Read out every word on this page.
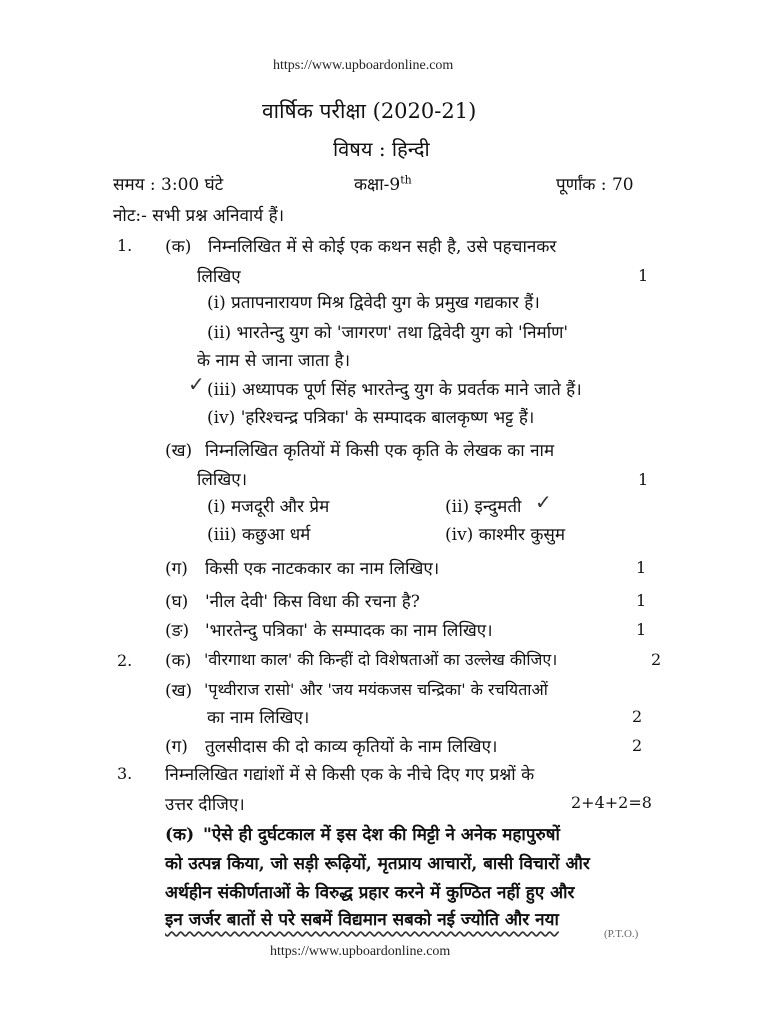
https://www.upboardonline.com
वार्षिक परीक्षा (2020-21)
विषय : हिन्दी
समय : 3:00 घंटे	कक्षा-9th	पूर्णांक : 70
नोट:- सभी प्रश्न अनिवार्य हैं।
1. (क) निम्नलिखित में से कोई एक कथन सही है, उसे पहचानकर
लिखिए	1
(i) प्रतापनारायण मिश्र द्विवेदी युग के प्रमुख गद्यकार हैं।
(ii) भारतेन्दु युग को 'जागरण' तथा द्विवेदी युग को 'निर्माण'
के नाम से जाना जाता है।
✓ (iii) अध्यापक पूर्ण सिंह भारतेन्दु युग के प्रवर्तक माने जाते हैं।
(iv) 'हरिश्चन्द्र पत्रिका' के सम्पादक बालकृष्ण भट्ट हैं।
(ख) निम्नलिखित कृतियों में किसी एक कृति के लेखक का नाम
लिखिए।	1
(i) मजदूरी और प्रेम	(ii) इन्दुमती ✓
(iii) कछुआ धर्म	(iv) काश्मीर कुसुम
(ग) किसी एक नाटककार का नाम लिखिए।	1
(घ) 'नील देवी' किस विधा की रचना है?	1
(ङ) 'भारतेन्दु पत्रिका' के सम्पादक का नाम लिखिए।	1
2. (क) 'वीरगाथा काल' की किन्हीं दो विशेषताओं का उल्लेख कीजिए।	2
(ख) 'पृथ्वीराज रासो' और 'जय मयंकजस चन्द्रिका' के रचयिताओं
का नाम लिखिए।	2
(ग) तुलसीदास की दो काव्य कृतियों के नाम लिखिए।	2
3. निम्नलिखित गद्यांशों में से किसी एक के नीचे दिए गए प्रश्नों के
उत्तर दीजिए।	2+4+2=8
(क) "ऐसे ही दुर्घटकाल में इस देश की मिट्टी ने अनेक महापुरुषों
को उत्पन्न किया, जो सड़ी रूढ़ियों, मृतप्राय आचारों, बासी विचारों और
अर्थहीन संकीर्णताओं के विरुद्ध प्रहार करने में कुण्ठित नहीं हुए और
इन जर्जर बातों से परे सबमें विद्यमान सबको नई ज्योति और नया
(P.T.O.)
https://www.upboardonline.com
